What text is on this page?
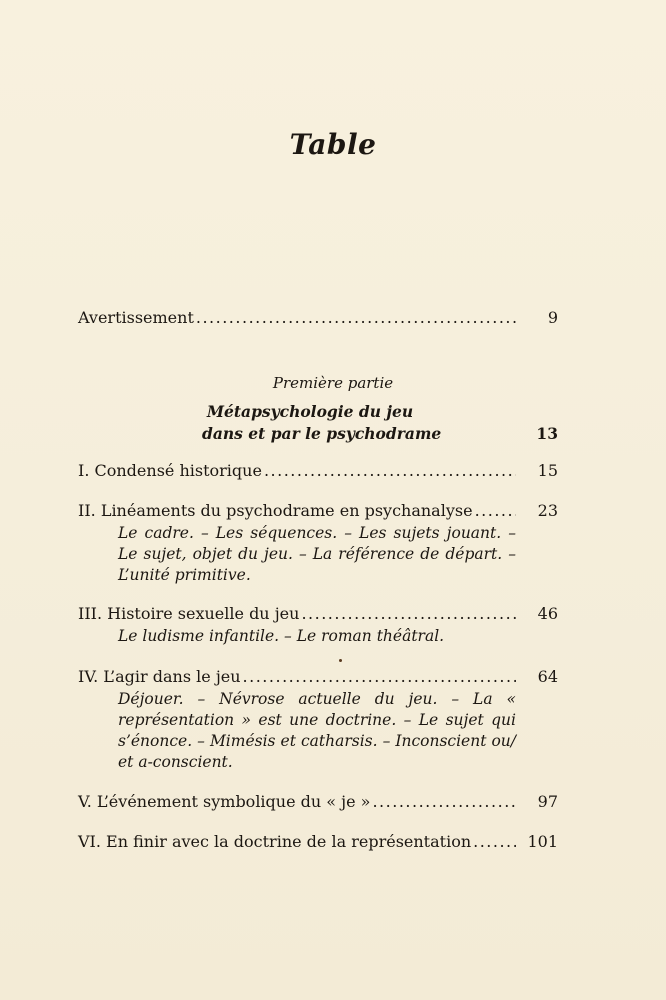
Table
Avertissement .....	9
Première partie
Métapsychologie du jeu
dans et par le psychodrame	13
I. Condensé historique .....	15
II. Linéaments du psychodrame en psychanalyse .....	23
Le cadre. – Les séquences. – Les sujets jouant. – Le sujet, objet du jeu. – La référence de départ. – L’unité primitive.
III. Histoire sexuelle du jeu .....	46
Le ludisme infantile. – Le roman théâtral.
IV. L’agir dans le jeu .....	64
Déjouer. – Névrose actuelle du jeu. – La « représentation » est une doctrine. – Le sujet qui s’énonce. – Mimésis et catharsis. – Inconscient ou/ et a-conscient.
V. L’événement symbolique du « je » .....	97
VI. En finir avec la doctrine de la représentation .....	101
